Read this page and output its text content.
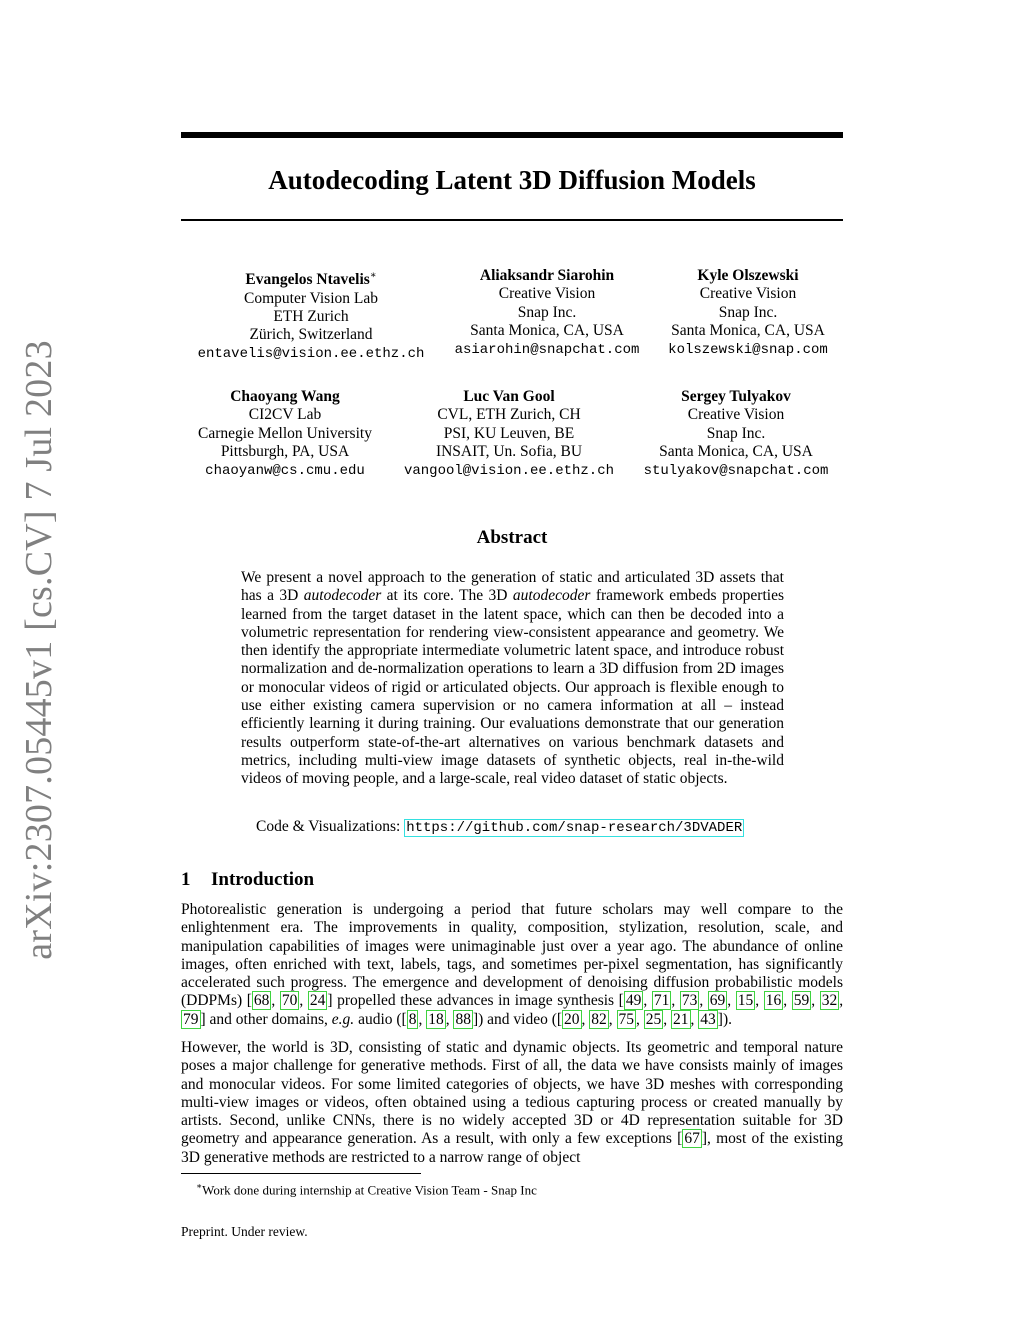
arXiv:2307.05445v1 [cs.CV] 7 Jul 2023
Autodecoding Latent 3D Diffusion Models
Evangelos Ntavelis∗
Computer Vision Lab
ETH Zurich
Zürich, Switzerland
entavelis@vision.ee.ethz.ch
Aliaksandr Siarohin
Creative Vision
Snap Inc.
Santa Monica, CA, USA
asiarohin@snapchat.com
Kyle Olszewski
Creative Vision
Snap Inc.
Santa Monica, CA, USA
kolszewski@snap.com
Chaoyang Wang
CI2CV Lab
Carnegie Mellon University
Pittsburgh, PA, USA
chaoyanw@cs.cmu.edu
Luc Van Gool
CVL, ETH Zurich, CH
PSI, KU Leuven, BE
INSAIT, Un. Sofia, BU
vangool@vision.ee.ethz.ch
Sergey Tulyakov
Creative Vision
Snap Inc.
Santa Monica, CA, USA
stulyakov@snapchat.com
Abstract
We present a novel approach to the generation of static and articulated 3D assets that has a 3D autodecoder at its core. The 3D autodecoder framework embeds properties learned from the target dataset in the latent space, which can then be decoded into a volumetric representation for rendering view-consistent appearance and geometry. We then identify the appropriate intermediate volumetric latent space, and introduce robust normalization and de-normalization operations to learn a 3D diffusion from 2D images or monocular videos of rigid or articulated objects. Our approach is flexible enough to use either existing camera supervision or no camera information at all – instead efficiently learning it during training. Our evaluations demonstrate that our generation results outperform state-of-the-art alternatives on various benchmark datasets and metrics, including multi-view image datasets of synthetic objects, real in-the-wild videos of moving people, and a large-scale, real video dataset of static objects.
Code & Visualizations: https://github.com/snap-research/3DVADER
1 Introduction
Photorealistic generation is undergoing a period that future scholars may well compare to the enlightenment era. The improvements in quality, composition, stylization, resolution, scale, and manipulation capabilities of images were unimaginable just over a year ago. The abundance of online images, often enriched with text, labels, tags, and sometimes per-pixel segmentation, has significantly accelerated such progress. The emergence and development of denoising diffusion probabilistic models (DDPMs) [ 68 , 70 , 24 ] propelled these advances in image synthesis [ 49 , 71 , 73 , 69 , 15 , 16 , 59 , 32 , 79 ] and other domains, e.g. audio ([ 8 , 18 , 88 ]) and video ([ 20 , 82 , 75 , 25 , 21 , 43 ]).
However, the world is 3D, consisting of static and dynamic objects. Its geometric and temporal nature poses a major challenge for generative methods. First of all, the data we have consists mainly of images and monocular videos. For some limited categories of objects, we have 3D meshes with corresponding multi-view images or videos, often obtained using a tedious capturing process or created manually by artists. Second, unlike CNNs, there is no widely accepted 3D or 4D representation suitable for 3D geometry and appearance generation. As a result, with only a few exceptions [ 67 ], most of the existing 3D generative methods are restricted to a narrow range of object
∗Work done during internship at Creative Vision Team - Snap Inc
Preprint. Under review.
